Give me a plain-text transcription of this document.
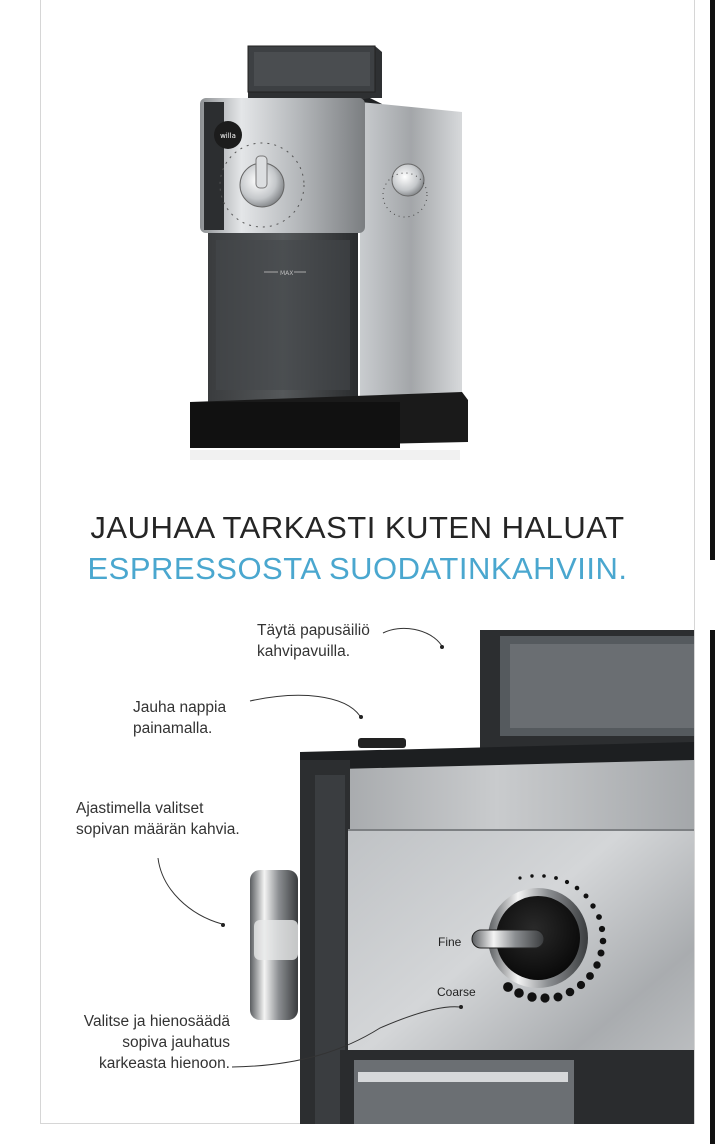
willa
MAX
JAUHAA TARKASTI KUTEN HALUAT
ESPRESSOSTA SUODATINKAHVIIN.
Fine
Coarse
Täytä papusäiliö
kahvipavuilla.
Jauha nappia
painamalla.
Ajastimella valitset
sopivan määrän kahvia.
Valitse ja hienosäädä
sopiva jauhatus
karkeasta hienoon.
